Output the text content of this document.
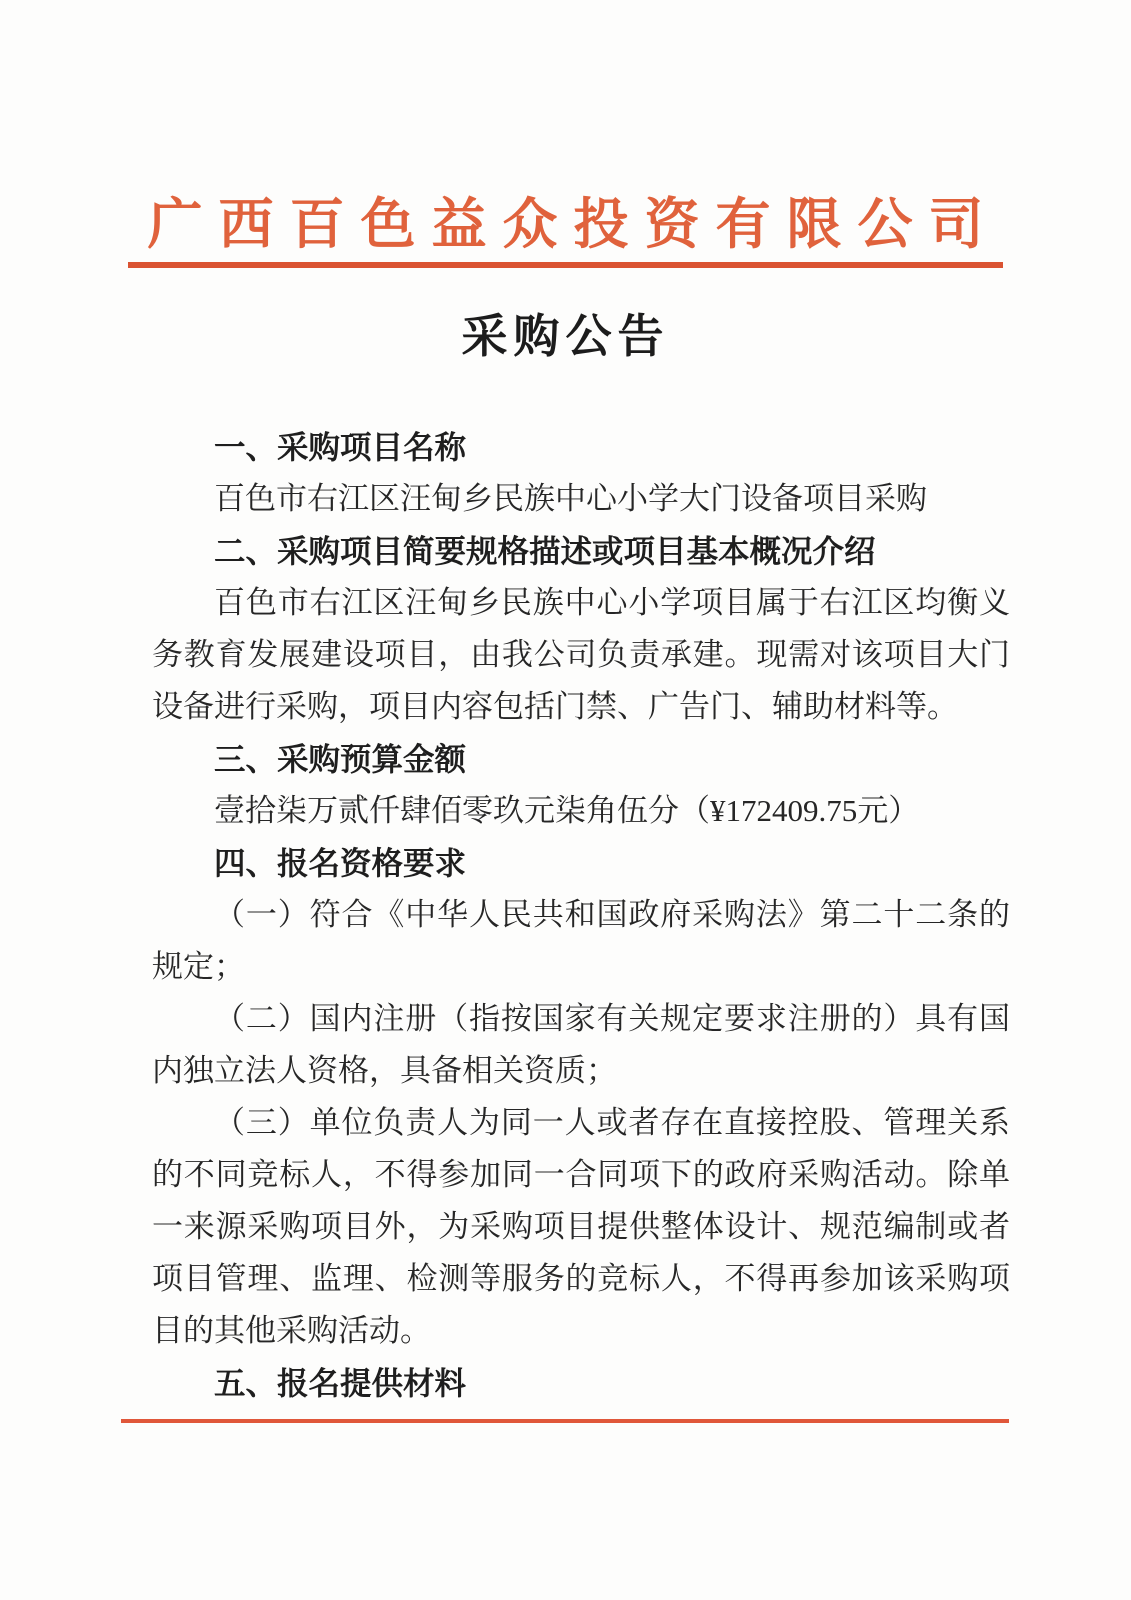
广西百色益众投资有限公司
采购公告
一、采购项目名称

百色市右江区汪甸乡民族中心小学大门设备项目采购

二、采购项目简要规格描述或项目基本概况介绍

百色市右江区汪甸乡民族中心小学项目属于右江区均衡义务教育发展建设项目，由我公司负责承建。现需对该项目大门设备进行采购，项目内容包括门禁、广告门、辅助材料等。

三、采购预算金额

壹拾柒万贰仟肆佰零玖元柒角伍分（¥172409.75元）

四、报名资格要求

（一）符合《中华人民共和国政府采购法》第二十二条的规定；

（二）国内注册（指按国家有关规定要求注册的）具有国内独立法人资格，具备相关资质；

（三）单位负责人为同一人或者存在直接控股、管理关系的不同竞标人，不得参加同一合同项下的政府采购活动。除单一来源采购项目外，为采购项目提供整体设计、规范编制或者项目管理、监理、检测等服务的竞标人，不得再参加该采购项目的其他采购活动。

五、报名提供材料
